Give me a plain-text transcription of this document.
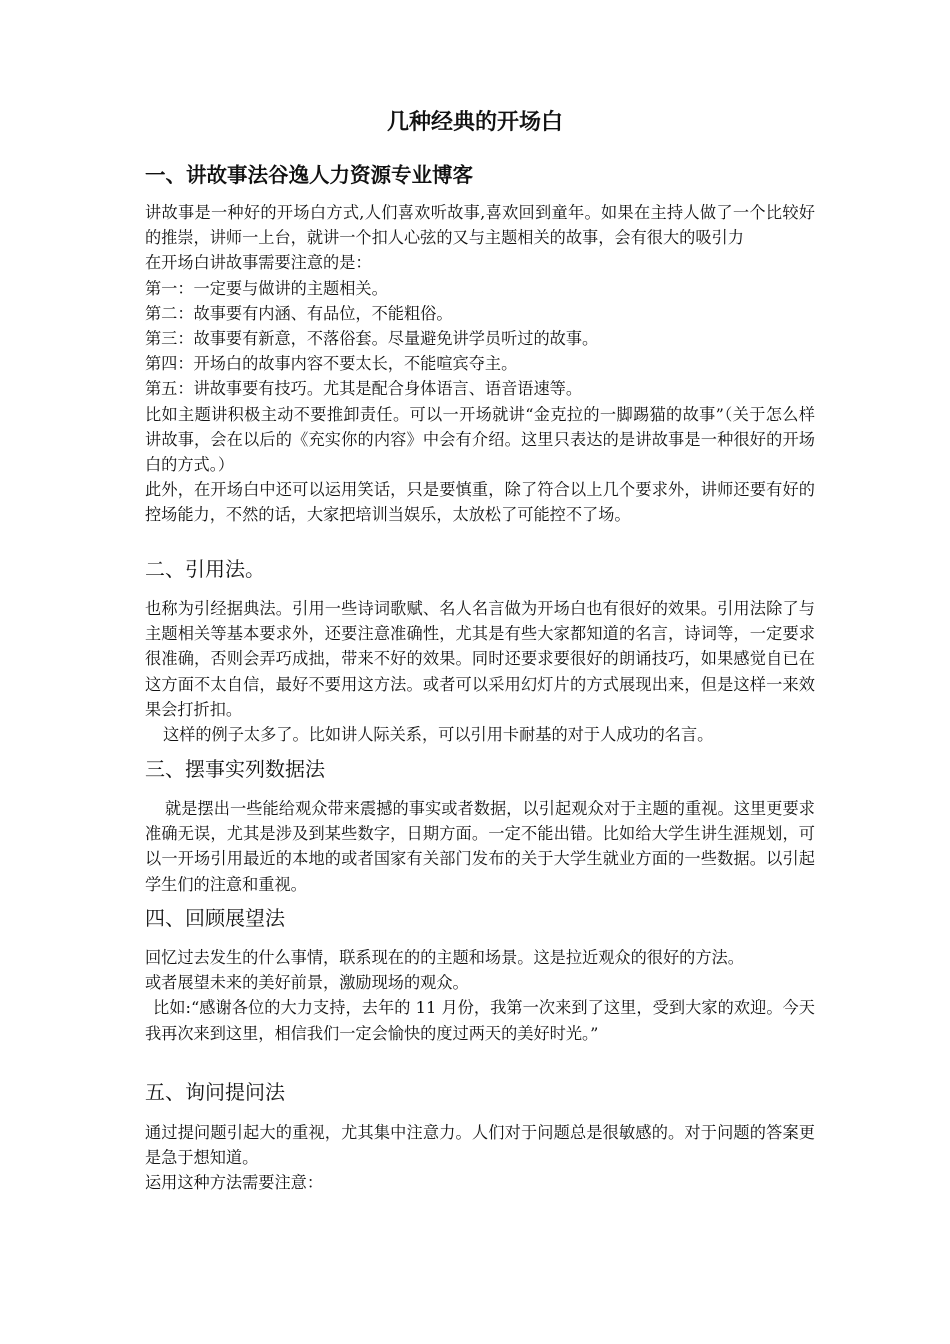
几种经典的开场白
一、讲故事法谷逸人力资源专业博客

讲故事是一种好的开场白方式,人们喜欢听故事,喜欢回到童年。如果在主持人做了一个比较好的推崇，讲师一上台，就讲一个扣人心弦的又与主题相关的故事，会有很大的吸引力

在开场白讲故事需要注意的是：

第一：一定要与做讲的主题相关。

第二：故事要有内涵、有品位，不能粗俗。

第三：故事要有新意，不落俗套。尽量避免讲学员听过的故事。

第四：开场白的故事内容不要太长，不能喧宾夺主。

第五：讲故事要有技巧。尤其是配合身体语言、语音语速等。

比如主题讲积极主动不要推卸责任。可以一开场就讲“金克拉的一脚踢猫的故事”（关于怎么样讲故事，会在以后的《充实你的内容》中会有介绍。这里只表达的是讲故事是一种很好的开场白的方式。）

此外，在开场白中还可以运用笑话，只是要慎重，除了符合以上几个要求外，讲师还要有好的控场能力，不然的话，大家把培训当娱乐，太放松了可能控不了场。

二、引用法。

也称为引经据典法。引用一些诗词歌赋、名人名言做为开场白也有很好的效果。引用法除了与主题相关等基本要求外，还要注意准确性，尤其是有些大家都知道的名言，诗词等，一定要求很准确，否则会弄巧成拙，带来不好的效果。同时还要求要很好的朗诵技巧，如果感觉自已在这方面不太自信，最好不要用这方法。或者可以采用幻灯片的方式展现出来，但是这样一来效果会打折扣。

这样的例子太多了。比如讲人际关系，可以引用卡耐基的对于人成功的名言。

三、摆事实列数据法

就是摆出一些能给观众带来震撼的事实或者数据，以引起观众对于主题的重视。这里更要求准确无误，尤其是涉及到某些数字，日期方面。一定不能出错。比如给大学生讲生涯规划，可以一开场引用最近的本地的或者国家有关部门发布的关于大学生就业方面的一些数据。以引起学生们的注意和重视。

四、回顾展望法

回忆过去发生的什么事情，联系现在的的主题和场景。这是拉近观众的很好的方法。

或者展望未来的美好前景，激励现场的观众。

比如:“感谢各位的大力支持，去年的 11 月份，我第一次来到了这里，受到大家的欢迎。今天我再次来到这里，相信我们一定会愉快的度过两天的美好时光。”

五、询问提问法

通过提问题引起大的重视，尤其集中注意力。人们对于问题总是很敏感的。对于问题的答案更是急于想知道。

运用这种方法需要注意：
